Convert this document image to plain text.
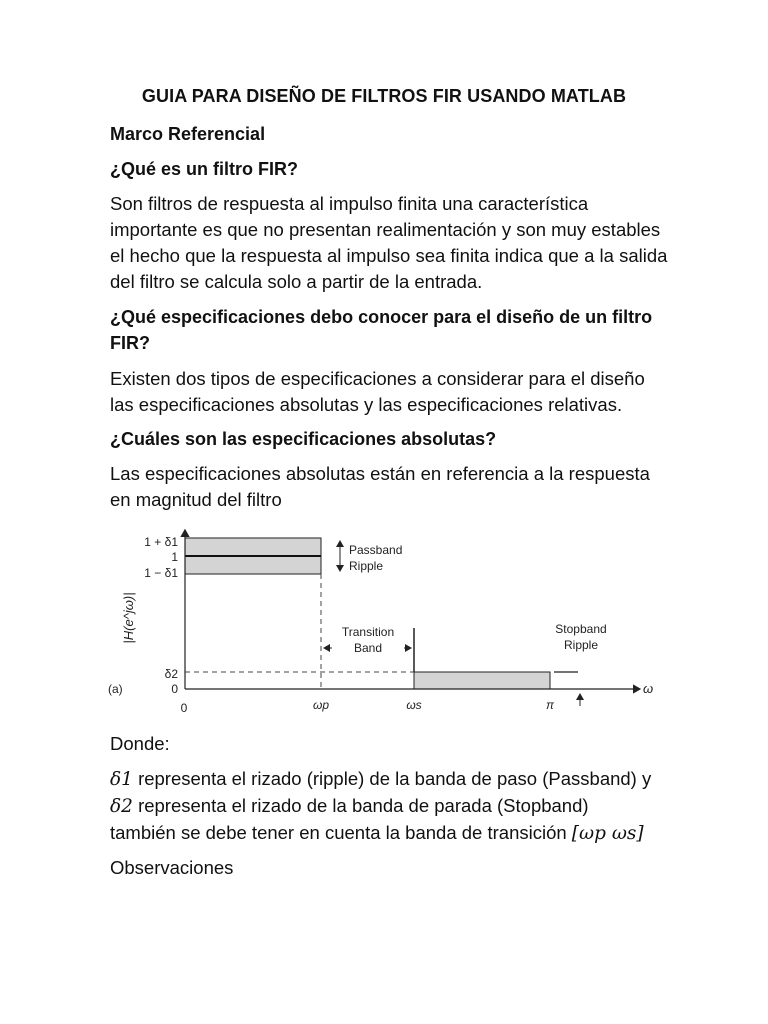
GUIA PARA DISEÑO DE FILTROS FIR USANDO MATLAB
Marco Referencial
¿Qué es un filtro FIR?
Son filtros de respuesta al impulso finita una característica importante es que no presentan realimentación y son muy estables el hecho que la respuesta al impulso sea finita indica que a la salida del filtro se calcula solo a partir de la entrada.
¿Qué especificaciones debo conocer para el diseño de un filtro FIR?
Existen dos tipos de especificaciones a considerar para el diseño las especificaciones absolutas y las especificaciones relativas.
¿Cuáles son las especificaciones absolutas?
Las especificaciones absolutas están en referencia a la respuesta en magnitud del filtro
1 + δ1
1
1 − δ1
δ2
0
(a)
|H(e^jω)|
0	ωp	ωs	π
ω
Passband
Ripple
Transition
Band
Stopband
Ripple
Donde:
δ1 representa el rizado (ripple) de la banda de paso (Passband) y
δ2 representa el rizado de la banda de parada (Stopband)
también se debe tener en cuenta la banda de transición [ωp ωs]
Observaciones
